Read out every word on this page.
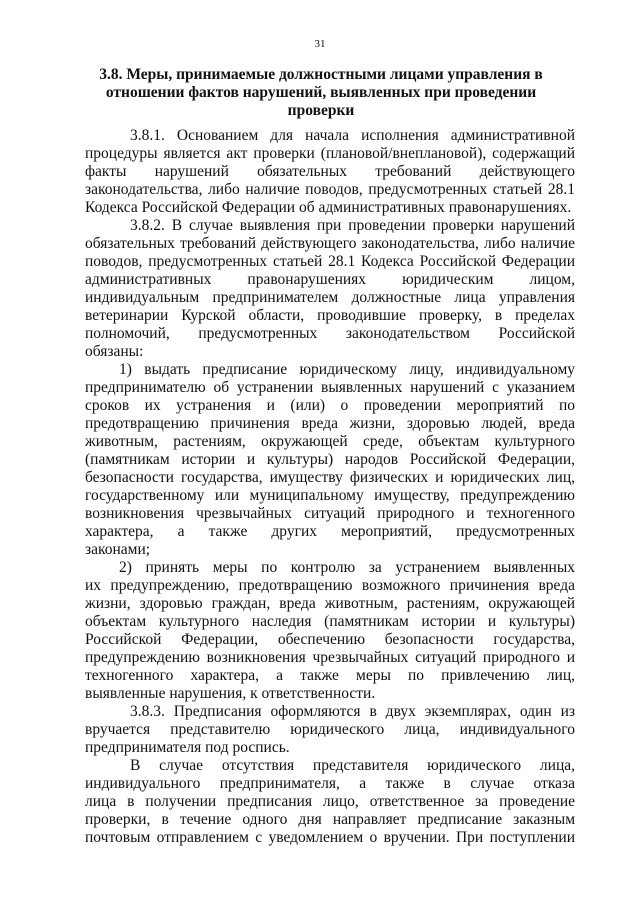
31
3.8. Меры, принимаемые должностными лицами управления в
отношении фактов нарушений, выявленных при проведении
проверки
3.8.1. Основанием для начала исполнения административной
процедуры является акт проверки (плановой/внеплановой), содержащий
факты нарушений обязательных требований действующего
законодательства, либо наличие поводов, предусмотренных статьей 28.1
Кодекса Российской Федерации об административных правонарушениях.
3.8.2. В случае выявления при проведении проверки нарушений
обязательных требований действующего законодательства, либо наличие
поводов, предусмотренных статьей 28.1 Кодекса Российской Федерации
административных правонарушениях юридическим лицом,
индивидуальным предпринимателем должностные лица управления
ветеринарии Курской области, проводившие проверку, в пределах
полномочий, предусмотренных законодательством Российской
обязаны:
1) выдать предписание юридическому лицу, индивидуальному
предпринимателю об устранении выявленных нарушений с указанием
сроков их устранения и (или) о проведении мероприятий по
предотвращению причинения вреда жизни, здоровью людей, вреда
животным, растениям, окружающей среде, объектам культурного
(памятникам истории и культуры) народов Российской Федерации,
безопасности государства, имуществу физических и юридических лиц,
государственному или муниципальному имуществу, предупреждению
возникновения чрезвычайных ситуаций природного и техногенного
характера, а также других мероприятий, предусмотренных
законами;
2) принять меры по контролю за устранением выявленных
их предупреждению, предотвращению возможного причинения вреда
жизни, здоровью граждан, вреда животным, растениям, окружающей
объектам культурного наследия (памятникам истории и культуры)
Российской Федерации, обеспечению безопасности государства,
предупреждению возникновения чрезвычайных ситуаций природного и
техногенного характера, а также меры по привлечению лиц,
выявленные нарушения, к ответственности.
3.8.3. Предписания оформляются в двух экземплярах, один из
вручается представителю юридического лица, индивидуального
предпринимателя под роспись.
В случае отсутствия представителя юридического лица,
индивидуального предпринимателя, а также в случае отказа
лица в получении предписания лицо, ответственное за проведение
проверки, в течение одного дня направляет предписание заказным
почтовым отправлением с уведомлением о вручении. При поступлении
